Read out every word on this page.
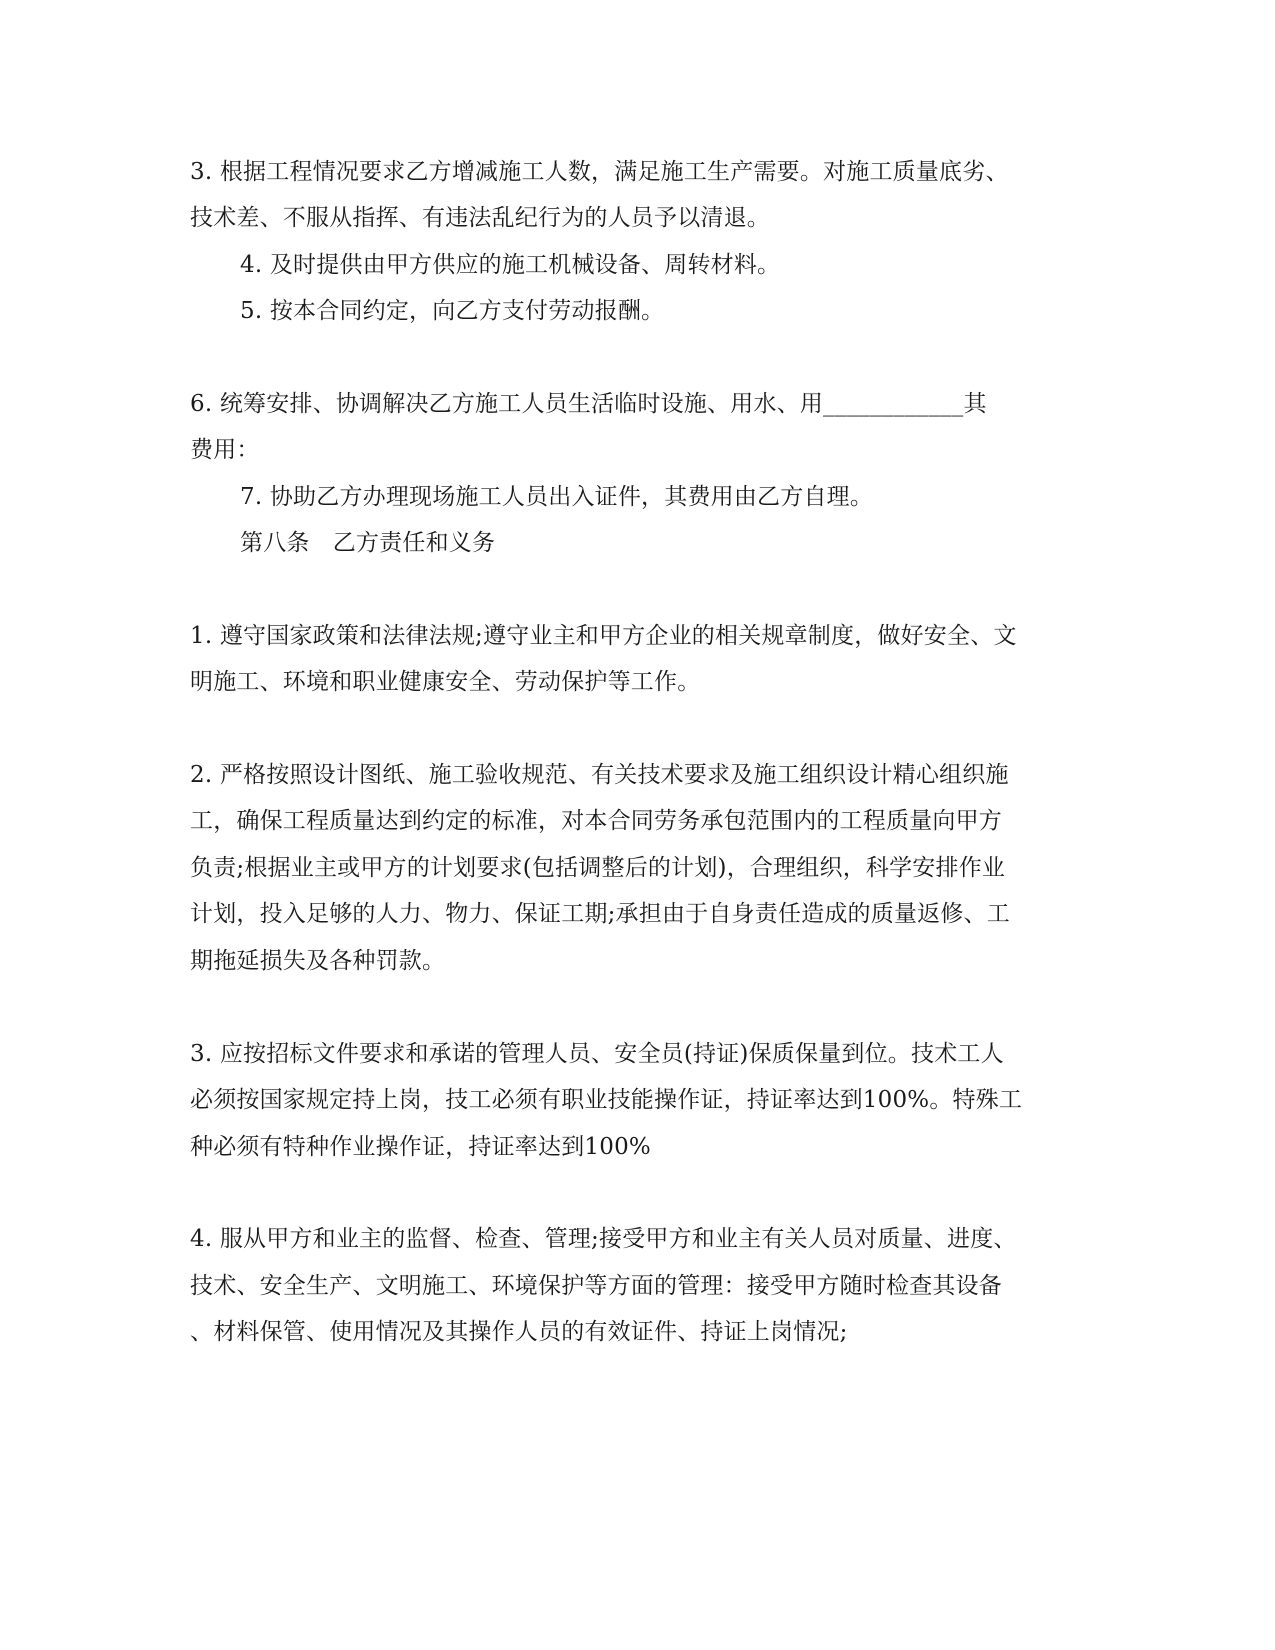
3. 根据工程情况要求乙方增减施工人数，满足施工生产需要。对施工质量底劣、
技术差、不服从指挥、有违法乱纪行为的人员予以清退。
4. 及时提供由甲方供应的施工机械设备、周转材料。
5. 按本合同约定，向乙方支付劳动报酬。
6. 统筹安排、协调解决乙方施工人员生活临时设施、用水、用____________其
费用：
7. 协助乙方办理现场施工人员出入证件，其费用由乙方自理。
第八条　乙方责任和义务
1. 遵守国家政策和法律法规;遵守业主和甲方企业的相关规章制度，做好安全、文
明施工、环境和职业健康安全、劳动保护等工作。
2. 严格按照设计图纸、施工验收规范、有关技术要求及施工组织设计精心组织施
工，确保工程质量达到约定的标准，对本合同劳务承包范围内的工程质量向甲方
负责;根据业主或甲方的计划要求(包括调整后的计划)，合理组织，科学安排作业
计划，投入足够的人力、物力、保证工期;承担由于自身责任造成的质量返修、工
期拖延损失及各种罚款。
3. 应按招标文件要求和承诺的管理人员、安全员(持证)保质保量到位。技术工人
必须按国家规定持上岗，技工必须有职业技能操作证，持证率达到100%。特殊工
种必须有特种作业操作证，持证率达到100%
4. 服从甲方和业主的监督、检查、管理;接受甲方和业主有关人员对质量、进度、
技术、安全生产、文明施工、环境保护等方面的管理：接受甲方随时检查其设备
、材料保管、使用情况及其操作人员的有效证件、持证上岗情况;
